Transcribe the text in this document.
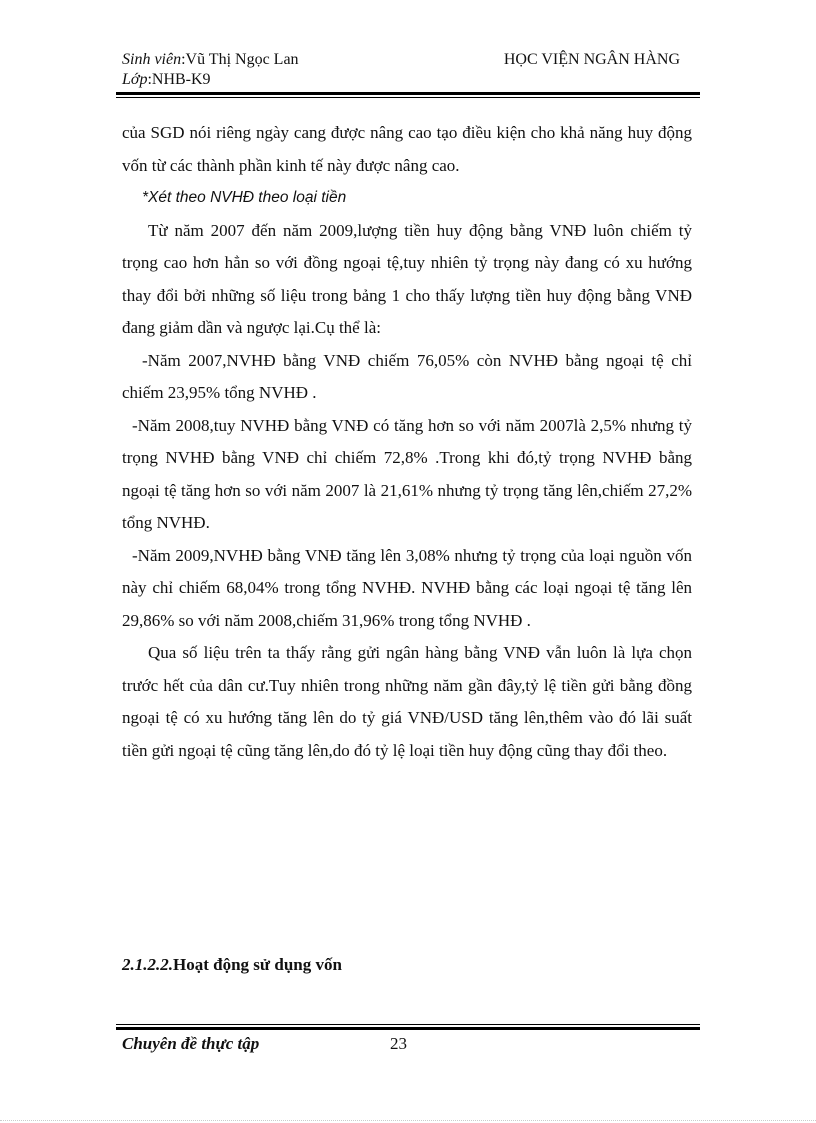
Sinh viên:Vũ Thị Ngọc Lan	HỌC VIỆN NGÂN HÀNG
Lớp:NHB-K9

của SGD nói riêng ngày cang được nâng cao tạo điều kiện cho khả năng huy động vốn từ các thành phần kinh tế này được nâng cao.

*Xét theo NVHĐ theo loại tiền

Từ năm 2007 đến năm 2009,lượng tiền huy động bằng VNĐ luôn chiếm tỷ trọng cao hơn hẳn so với đồng ngoại tệ,tuy nhiên tỷ trọng này đang có xu hướng thay đổi bởi những số liệu trong bảng 1 cho thấy lượng tiền huy động bằng VNĐ đang giảm dần và ngược lại.Cụ thể là:

-Năm 2007,NVHĐ bằng VNĐ chiếm 76,05% còn NVHĐ bằng ngoại tệ chỉ chiếm 23,95% tổng NVHĐ .

-Năm 2008,tuy NVHĐ bằng VNĐ có tăng hơn so với năm 2007là 2,5% nhưng tỷ trọng NVHĐ bằng VNĐ chỉ chiếm 72,8% .Trong khi đó,tỷ trọng NVHĐ bằng ngoại tệ tăng hơn so với năm 2007 là 21,61% nhưng tỷ trọng tăng lên,chiếm 27,2% tổng NVHĐ.

-Năm 2009,NVHĐ bằng VNĐ tăng lên 3,08% nhưng tỷ trọng của loại nguồn vốn này chỉ chiếm 68,04% trong tổng NVHĐ. NVHĐ bằng các loại ngoại tệ tăng lên 29,86% so với năm 2008,chiếm 31,96% trong tổng NVHĐ .

Qua số liệu trên ta thấy rằng gửi ngân hàng bằng VNĐ vẫn luôn là lựa chọn trước hết của dân cư.Tuy nhiên trong những năm gần đây,tỷ lệ tiền gửi bằng đồng ngoại tệ có xu hướng tăng lên do tỷ giá VNĐ/USD tăng lên,thêm vào đó lãi suất tiền gửi ngoại tệ cũng tăng lên,do đó tỷ lệ loại tiền huy động cũng thay đổi theo.

2.1.2.2.Hoạt động sử dụng vốn
Chuyên đề thực tập	23
